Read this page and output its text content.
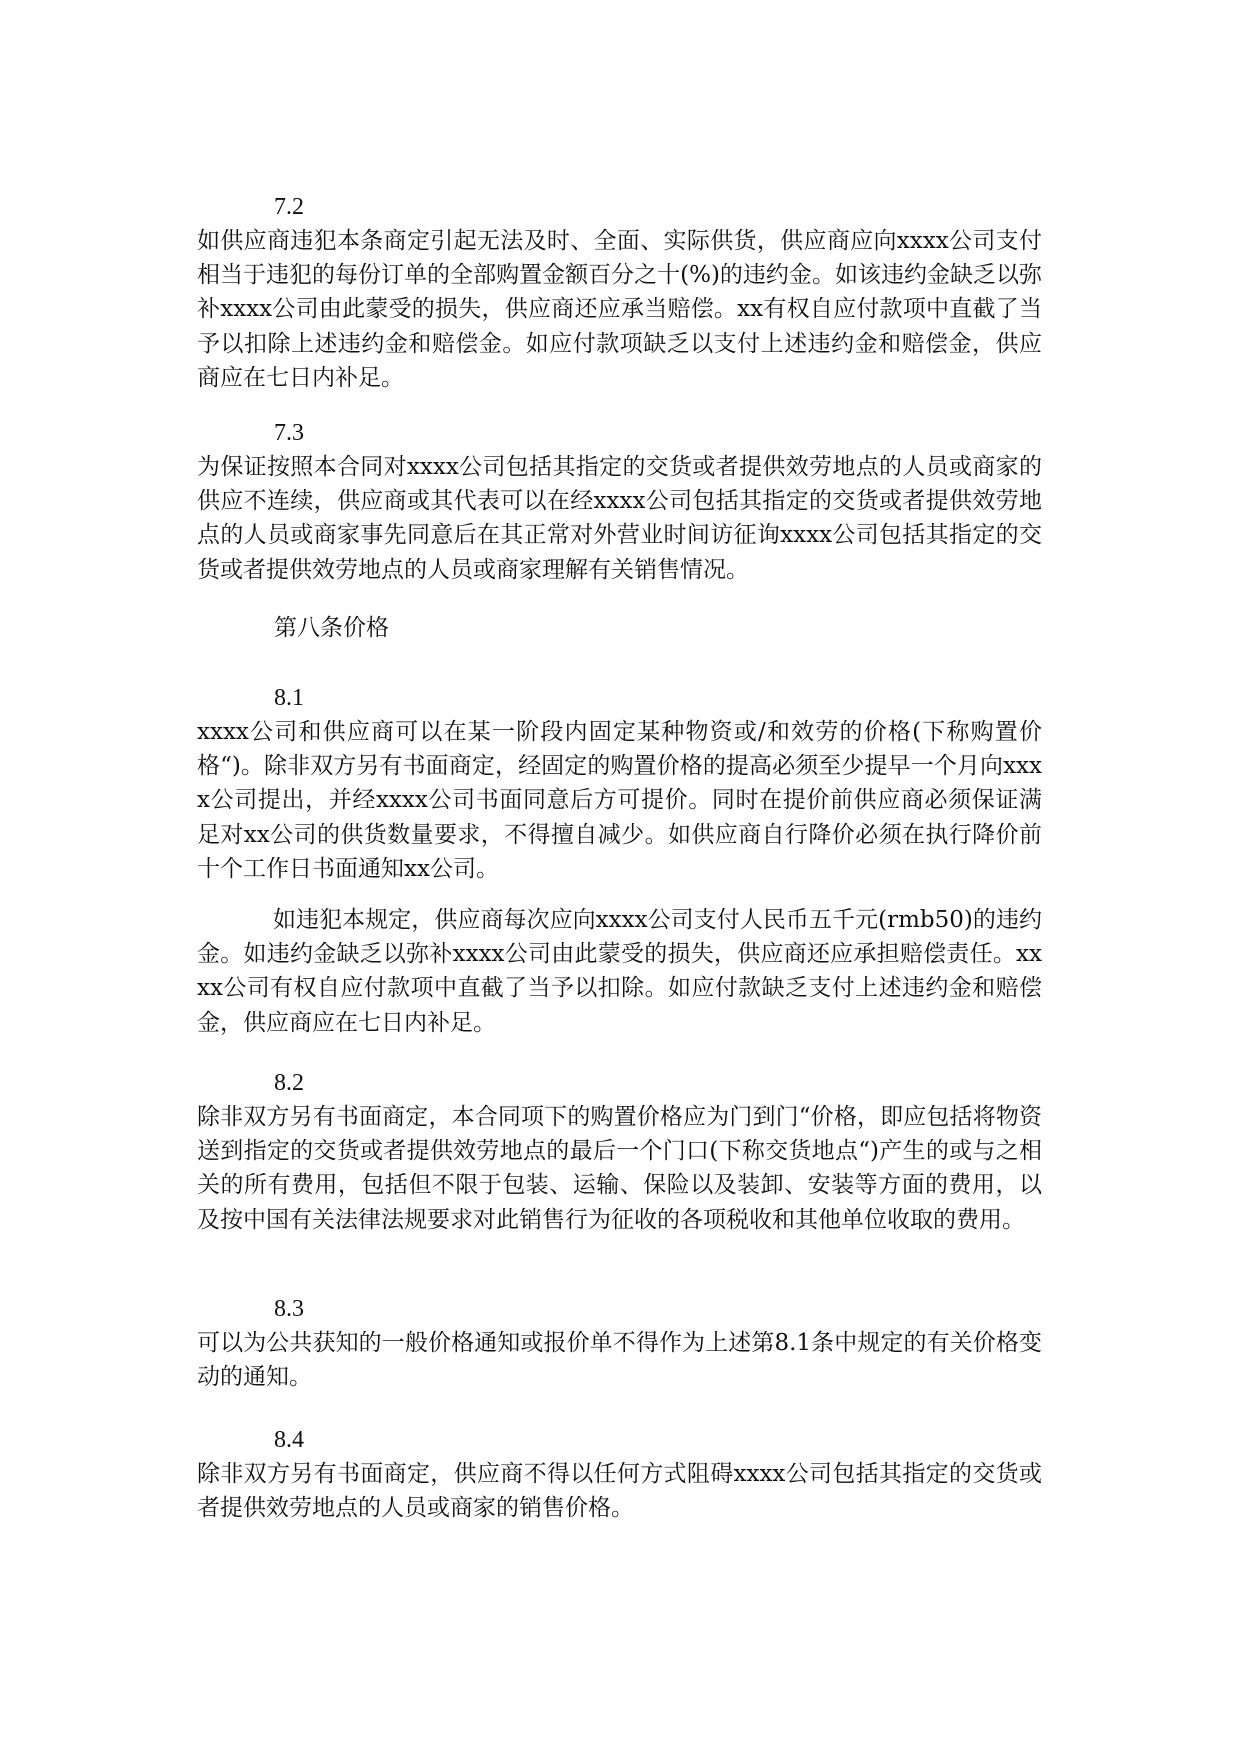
7.2

如供应商违犯本条商定引起无法及时、全面、实际供货，供应商应向xxxx公司支付相当于违犯的每份订单的全部购置金额百分之十(%)的违约金。如该违约金缺乏以弥补xxxx公司由此蒙受的损失，供应商还应承当赔偿。xx有权自应付款项中直截了当予以扣除上述违约金和赔偿金。如应付款项缺乏以支付上述违约金和赔偿金，供应商应在七日内补足。

7.3

为保证按照本合同对xxxx公司包括其指定的交货或者提供效劳地点的人员或商家的供应不连续，供应商或其代表可以在经xxxx公司包括其指定的交货或者提供效劳地点的人员或商家事先同意后在其正常对外营业时间访征询xxxx公司包括其指定的交货或者提供效劳地点的人员或商家理解有关销售情况。

第八条价格
8.1

xxxx公司和供应商可以在某一阶段内固定某种物资或/和效劳的价格(下称购置价格“)。除非双方另有书面商定，经固定的购置价格的提高必须至少提早一个月向xxxx公司提出，并经xxxx公司书面同意后方可提价。同时在提价前供应商必须保证满足对xx公司的供货数量要求，不得擅自减少。如供应商自行降价必须在执行降价前十个工作日书面通知xx公司。

如违犯本规定，供应商每次应向xxxx公司支付人民币五千元(rmb50)的违约金。如违约金缺乏以弥补xxxx公司由此蒙受的损失，供应商还应承担赔偿责任。xxxx公司有权自应付款项中直截了当予以扣除。如应付款缺乏支付上述违约金和赔偿金，供应商应在七日内补足。

8.2

除非双方另有书面商定，本合同项下的购置价格应为门到门“价格，即应包括将物资送到指定的交货或者提供效劳地点的最后一个门口(下称交货地点“)产生的或与之相关的所有费用，包括但不限于包装、运输、保险以及装卸、安装等方面的费用，以及按中国有关法律法规要求对此销售行为征收的各项税收和其他单位收取的费用。

8.3

可以为公共获知的一般价格通知或报价单不得作为上述第8.1条中规定的有关价格变动的通知。

8.4

除非双方另有书面商定，供应商不得以任何方式阻碍xxxx公司包括其指定的交货或者提供效劳地点的人员或商家的销售价格。
